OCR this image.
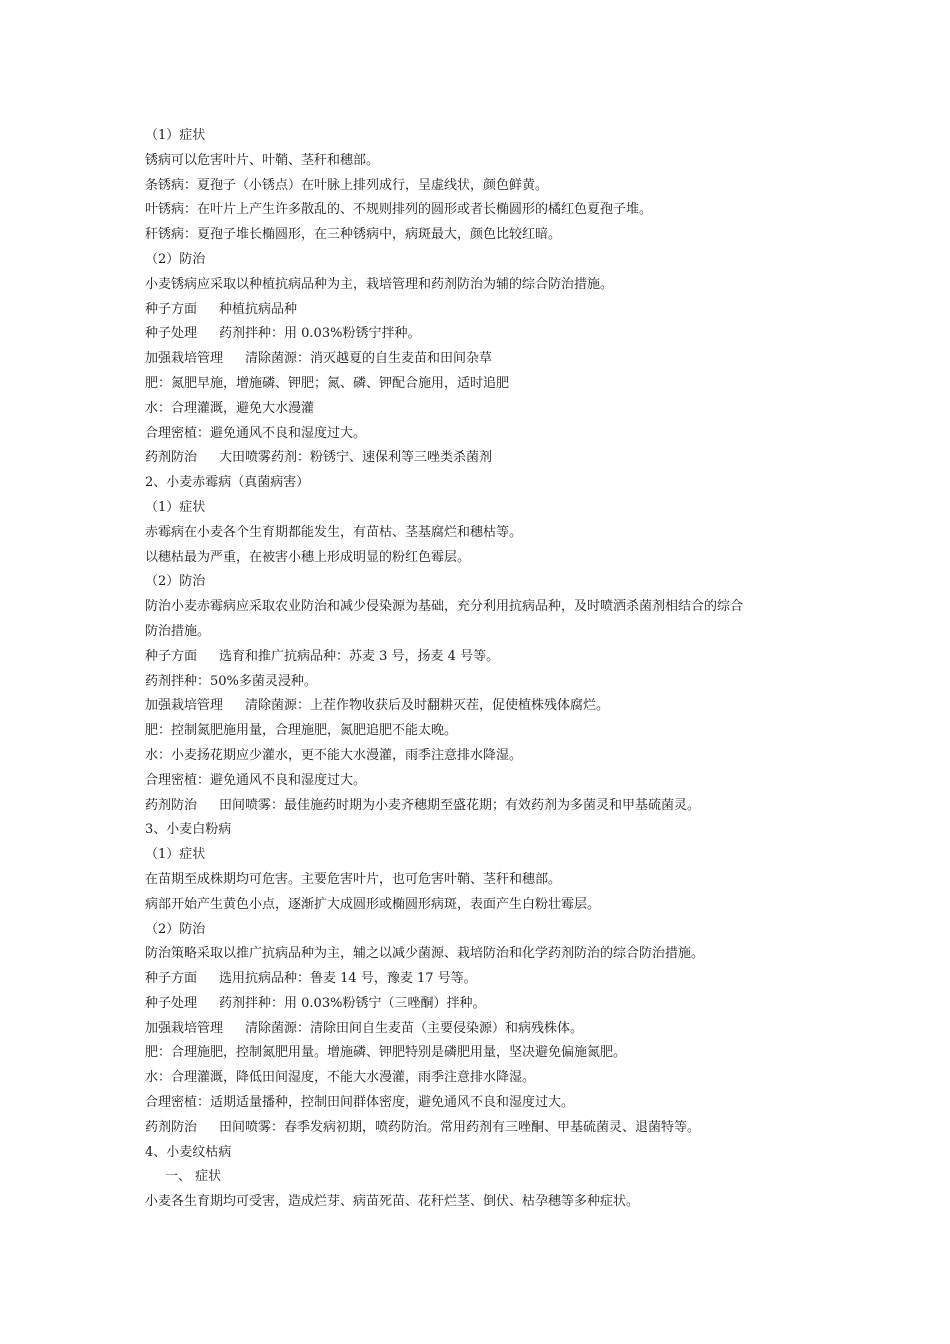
（1）症状
锈病可以危害叶片、叶鞘、茎秆和穗部。
条锈病：夏孢子（小锈点）在叶脉上排列成行，呈虚线状，颜色鲜黄。
叶锈病：在叶片上产生许多散乱的、不规则排列的圆形或者长椭圆形的橘红色夏孢子堆。
秆锈病：夏孢子堆长椭圆形，在三种锈病中，病斑最大，颜色比较红暗。
（2）防治
小麦锈病应采取以种植抗病品种为主，栽培管理和药剂防治为辅的综合防治措施。
种子方面 种植抗病品种
种子处理 药剂拌种：用 0.03%粉锈宁拌种。
加强栽培管理 清除菌源：消灭越夏的自生麦苗和田间杂草
肥：氮肥早施，增施磷、钾肥；氮、磷、钾配合施用，适时追肥
水：合理灌溉，避免大水漫灌
合理密植：避免通风不良和湿度过大。
药剂防治 大田喷雾药剂：粉锈宁、速保利等三唑类杀菌剂
2、小麦赤霉病（真菌病害）
（1）症状
赤霉病在小麦各个生育期都能发生，有苗枯、茎基腐烂和穗枯等。
以穗枯最为严重，在被害小穗上形成明显的粉红色霉层。
（2）防治
防治小麦赤霉病应采取农业防治和减少侵染源为基础，充分利用抗病品种，及时喷洒杀菌剂相结合的综合
防治措施。
种子方面 选育和推广抗病品种：苏麦 3 号，扬麦 4 号等。
药剂拌种：50%多菌灵浸种。
加强栽培管理 清除菌源：上茬作物收获后及时翻耕灭茬，促使植株残体腐烂。
肥：控制氮肥施用量，合理施肥，氮肥追肥不能太晚。
水：小麦扬花期应少灌水，更不能大水漫灌，雨季注意排水降湿。
合理密植：避免通风不良和湿度过大。
药剂防治 田间喷雾：最佳施药时期为小麦齐穗期至盛花期；有效药剂为多菌灵和甲基硫菌灵。
3、小麦白粉病
（1）症状
在苗期至成株期均可危害。主要危害叶片，也可危害叶鞘、茎秆和穗部。
病部开始产生黄色小点，逐渐扩大成圆形或椭圆形病斑，表面产生白粉壮霉层。
（2）防治
防治策略采取以推广抗病品种为主，辅之以减少菌源、栽培防治和化学药剂防治的综合防治措施。
种子方面 选用抗病品种：鲁麦 14 号，豫麦 17 号等。
种子处理 药剂拌种：用 0.03%粉锈宁（三唑酮）拌种。
加强栽培管理 清除菌源：清除田间自生麦苗（主要侵染源）和病残株体。
肥：合理施肥，控制氮肥用量。增施磷、钾肥特别是磷肥用量，坚决避免偏施氮肥。
水：合理灌溉，降低田间湿度，不能大水漫灌，雨季注意排水降湿。
合理密植：适期适量播种，控制田间群体密度，避免通风不良和湿度过大。
药剂防治 田间喷雾：春季发病初期，喷药防治。常用药剂有三唑酮、甲基硫菌灵、退菌特等。
4、小麦纹枯病
一、 症状
小麦各生育期均可受害，造成烂芽、病苗死苗、花秆烂茎、倒伏、枯孕穗等多种症状。
